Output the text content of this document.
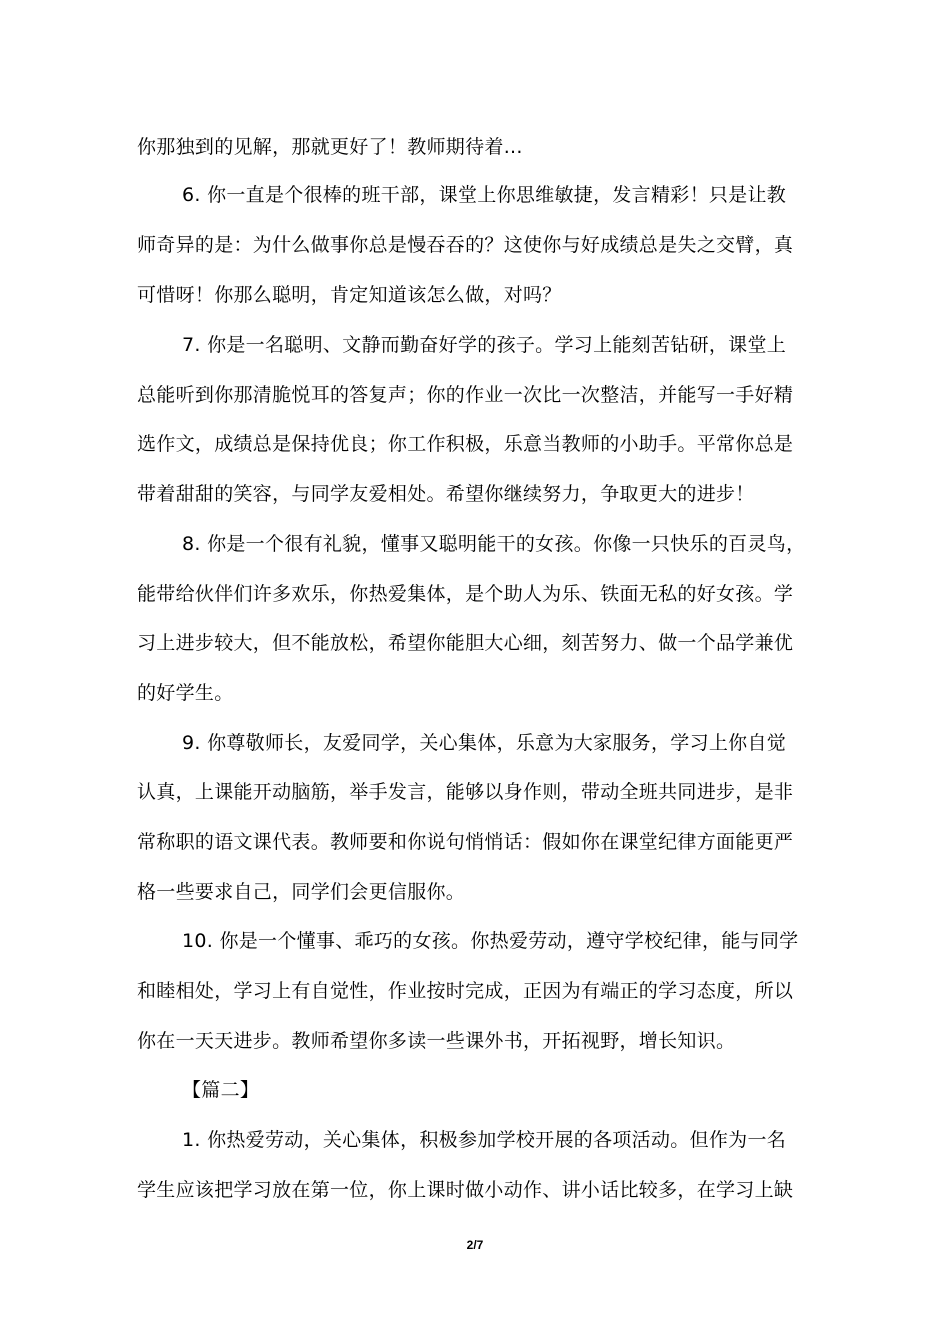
你那独到的见解，那就更好了！教师期待着...
6. 你一直是个很棒的班干部，课堂上你思维敏捷，发言精彩！只是让教
师奇异的是：为什么做事你总是慢吞吞的？这使你与好成绩总是失之交臂，真
可惜呀！你那么聪明，肯定知道该怎么做，对吗？
7. 你是一名聪明、文静而勤奋好学的孩子。学习上能刻苦钻研，课堂上
总能听到你那清脆悦耳的答复声；你的作业一次比一次整洁，并能写一手好精
选作文，成绩总是保持优良；你工作积极，乐意当教师的小助手。平常你总是
带着甜甜的笑容，与同学友爱相处。希望你继续努力，争取更大的进步！
8. 你是一个很有礼貌，懂事又聪明能干的女孩。你像一只快乐的百灵鸟，
能带给伙伴们许多欢乐，你热爱集体，是个助人为乐、铁面无私的好女孩。学
习上进步较大，但不能放松，希望你能胆大心细，刻苦努力、做一个品学兼优
的好学生。
9. 你尊敬师长，友爱同学，关心集体，乐意为大家服务，学习上你自觉
认真，上课能开动脑筋，举手发言，能够以身作则，带动全班共同进步，是非
常称职的语文课代表。教师要和你说句悄悄话：假如你在课堂纪律方面能更严
格一些要求自己，同学们会更信服你。
10. 你是一个懂事、乖巧的女孩。你热爱劳动，遵守学校纪律，能与同学
和睦相处，学习上有自觉性，作业按时完成，正因为有端正的学习态度，所以
你在一天天进步。教师希望你多读一些课外书，开拓视野，增长知识。
【篇二】
1. 你热爱劳动，关心集体，积极参加学校开展的各项活动。但作为一名
学生应该把学习放在第一位，你上课时做小动作、讲小话比较多，在学习上缺
2/7
